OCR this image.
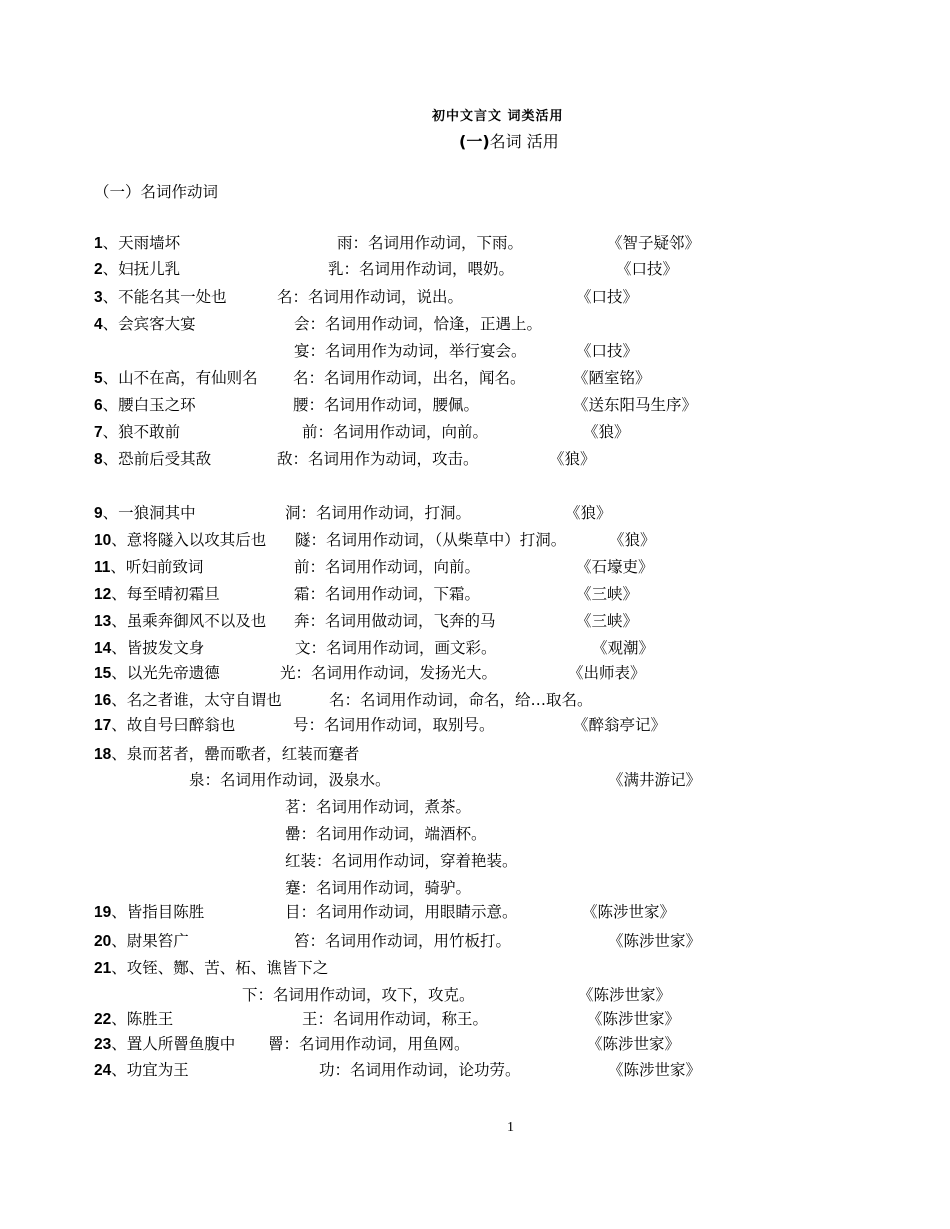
初中文言文 词类活用
(一)名词 活用
（一）名词作动词
1、天雨墙坏	雨：名词用作动词，下雨。	《智子疑邻》
2、妇抚儿乳	乳：名词用作动词，喂奶。	《口技》
3、不能名其一处也	名：名词用作动词，说出。	《口技》
4、会宾客大宴	会：名词用作动词，恰逢，正遇上。
宴：名词用作为动词，举行宴会。	《口技》
5、山不在高，有仙则名 名：名词用作动词，出名，闻名。	《陋室铭》
6、腰白玉之环	腰：名词用作动词，腰佩。	《送东阳马生序》
7、狼不敢前	前：名词用作动词，向前。	《狼》
8、恐前后受其敌	敌：名词用作为动词，攻击。	《狼》
9、一狼洞其中	洞：名词用作动词，打洞。	《狼》
10、意将隧入以攻其后也 隧：名词用作动词，（从柴草中）打洞。	《狼》
11、听妇前致词	前：名词用作动词，向前。	《石壕吏》
12、每至晴初霜旦	霜：名词用作动词，下霜。	《三峡》
13、虽乘奔御风不以及也 奔：名词用做动词，飞奔的马	《三峡》
14、皆披发文身	文：名词用作动词，画文彩。	《观潮》
15、以光先帝遗德	光：名词用作动词，发扬光大。	《出师表》
16、名之者谁，太守自谓也	名：名词用作动词，命名，给…取名。
17、故自号曰醉翁也	号：名词用作动词，取别号。	《醉翁亭记》
18、泉而茗者，罍而歌者，红装而蹇者
泉：名词用作动词，汲泉水。	《满井游记》
茗：名词用作动词，煮茶。
罍：名词用作动词，端酒杯。
红装：名词用作动词，穿着艳装。
蹇：名词用作动词，骑驴。
19、皆指目陈胜	目：名词用作动词，用眼睛示意。	《陈涉世家》
20、尉果笞广	笞：名词用作动词，用竹板打。	《陈涉世家》
21、攻铚、酂、苦、柘、谯皆下之
下：名词用作动词，攻下，攻克。	《陈涉世家》
22、陈胜王	王：名词用作动词，称王。	《陈涉世家》
23、置人所罾鱼腹中 罾：名词用作动词，用鱼网。	《陈涉世家》
24、功宜为王	功：名词用作动词，论功劳。	《陈涉世家》
1
